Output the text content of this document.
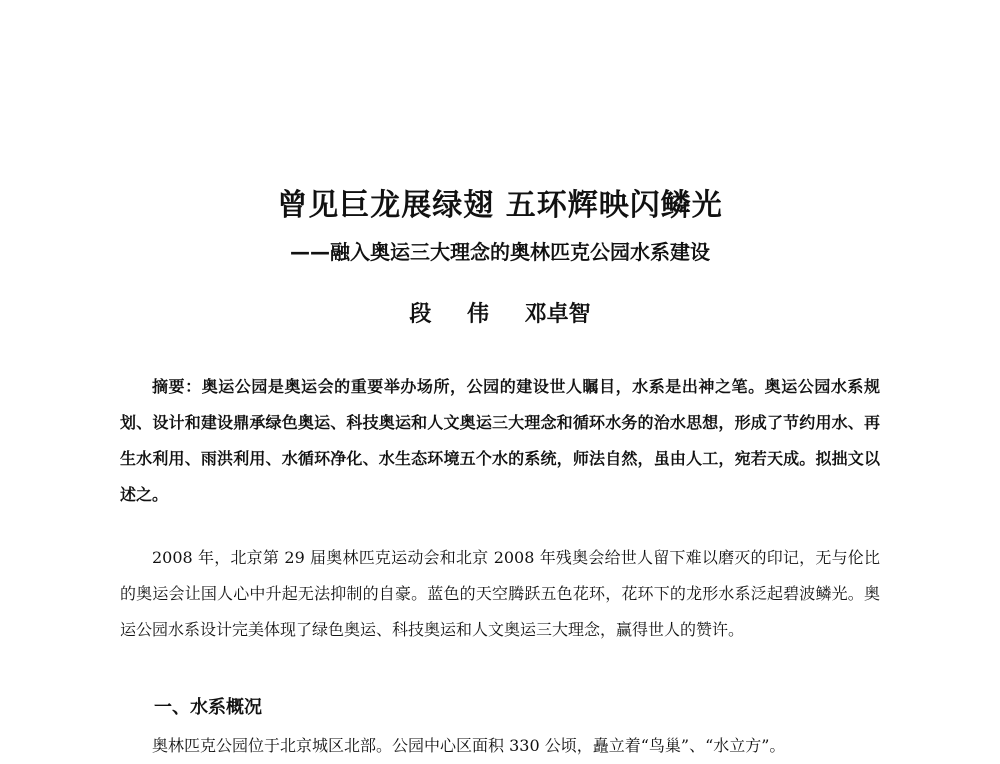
曾见巨龙展绿翅 五环辉映闪鳞光
——融入奥运三大理念的奥林匹克公园水系建设
段 伟 邓卓智

摘要：奥运公园是奥运会的重要举办场所，公园的建设世人瞩目，水系是出神之笔。奥运公园水系规划、设计和建设鼎承绿色奥运、科技奥运和人文奥运三大理念和循环水务的治水思想，形成了节约用水、再生水利用、雨洪利用、水循环净化、水生态环境五个水的系统，师法自然，虽由人工，宛若天成。拟拙文以述之。

2008 年，北京第 29 届奥林匹克运动会和北京 2008 年残奥会给世人留下难以磨灭的印记，无与伦比的奥运会让国人心中升起无法抑制的自豪。蓝色的天空腾跃五色花环，花环下的龙形水系泛起碧波鳞光。奥运公园水系设计完美体现了绿色奥运、科技奥运和人文奥运三大理念，赢得世人的赞许。

一、水系概况

奥林匹克公园位于北京城区北部。公园中心区面积 330 公顷，矗立着“鸟巢”、“水立方”。
